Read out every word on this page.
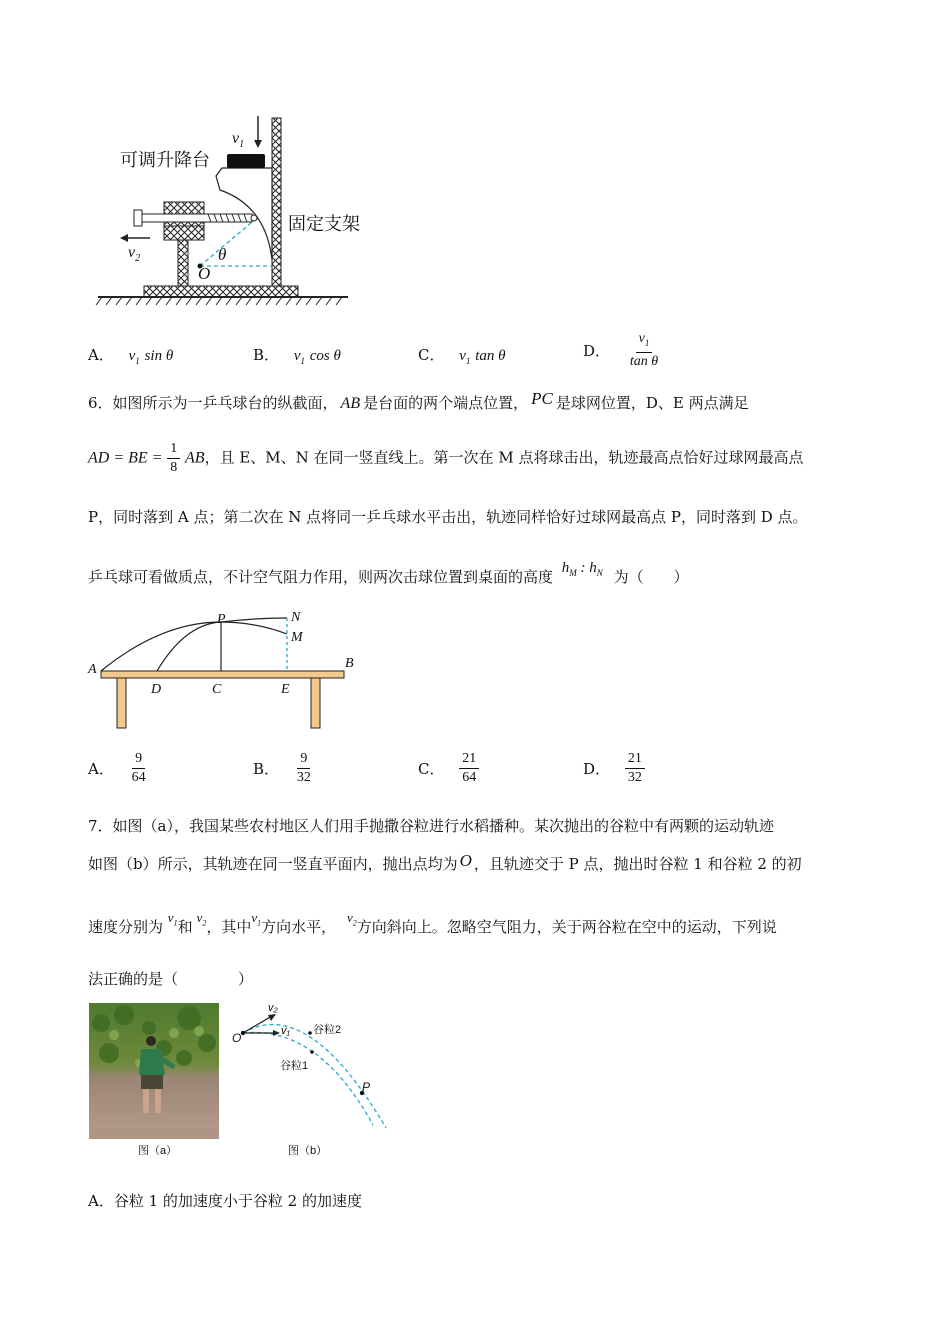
可调升降台
固定支架
$v_1$
$v_2$	θ
O
A． $v_1$ sin θ	B． $v_1$ cos θ	C． $v_1$ tan θ	D． $\frac{v_1}{\text{tan θ}}$
6．如图所示为一乒乓球台的纵截面， AB 是台面的两个端点位置， PC 是球网位置，D、E 两点满足
AD = BE = $\frac{1}{8}$ AB，且 E、M、N 在同一竖直线上。第一次在 M 点将球击出，轨迹最高点恰好过球网最高点
P，同时落到 A 点；第二次在 N 点将同一乒乓球水平击出，轨迹同样恰好过球网最高点 P，同时落到 D 点。
乒乓球可看做质点，不计空气阻力作用，则两次击球位置到桌面的高度 $h_M$ : $h_N$ 为（　　）
A	B
D	C	E
P	N
M
A． $\frac{9}{64}$	B． $\frac{9}{32}$	C． $\frac{21}{64}$	D． $\frac{21}{32}$
7．如图（a），我国某些农村地区人们用手抛撒谷粒进行水稻播种。某次抛出的谷粒中有两颗的运动轨迹
如图（b）所示，其轨迹在同一竖直平面内，抛出点均为 O ，且轨迹交于 P 点，抛出时谷粒 1 和谷粒 2 的初
速度分别为 $v_1$和$v_2$，其中$v_1$方向水平， $v_2$方向斜向上。忽略空气阻力，关于两谷粒在空中的运动，下列说
法正确的是（　　　　）
图（a）
O
v₂
v₁ 谷粒2
谷粒1
P
图（b）
A．谷粒 1 的加速度小于谷粒 2 的加速度
